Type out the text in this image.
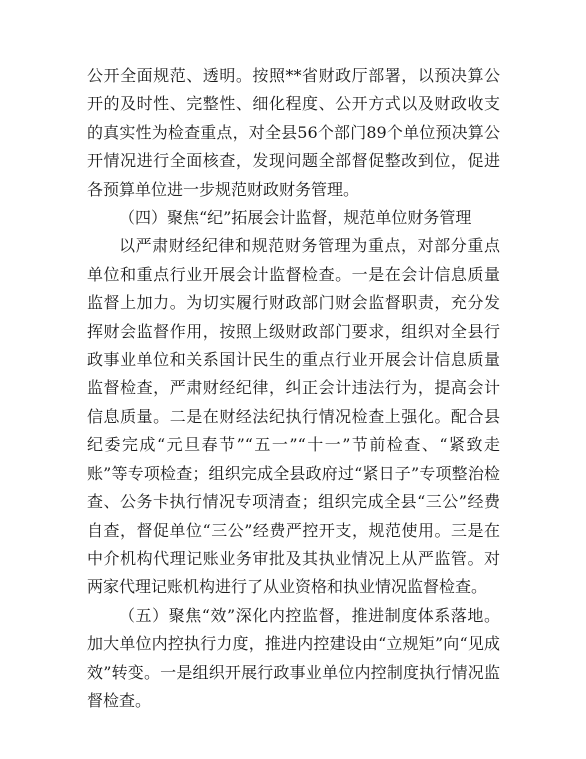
公开全面规范、透明。按照**省财政厅部署，以预决算公开的及时性、完整性、细化程度、公开方式以及财政收支的真实性为检查重点，对全县56个部门89个单位预决算公开情况进行全面核查，发现问题全部督促整改到位，促进各预算单位进一步规范财政财务管理。

（四）聚焦“纪”拓展会计监督，规范单位财务管理

以严肃财经纪律和规范财务管理为重点，对部分重点单位和重点行业开展会计监督检查。一是在会计信息质量监督上加力。为切实履行财政部门财会监督职责，充分发挥财会监督作用，按照上级财政部门要求，组织对全县行政事业单位和关系国计民生的重点行业开展会计信息质量监督检查，严肃财经纪律，纠正会计违法行为，提高会计信息质量。二是在财经法纪执行情况检查上强化。配合县纪委完成“元旦春节”“五一”“十一”节前检查、“紧致走账”等专项检查；组织完成全县政府过“紧日子”专项整治检查、公务卡执行情况专项清查；组织完成全县“三公”经费自查，督促单位“三公”经费严控开支，规范使用。三是在中介机构代理记账业务审批及其执业情况上从严监管。对两家代理记账机构进行了从业资格和执业情况监督检查。

（五）聚焦“效”深化内控监督，推进制度体系落地。加大单位内控执行力度，推进内控建设由“立规矩”向“见成效”转变。一是组织开展行政事业单位内控制度执行情况监督检查。
